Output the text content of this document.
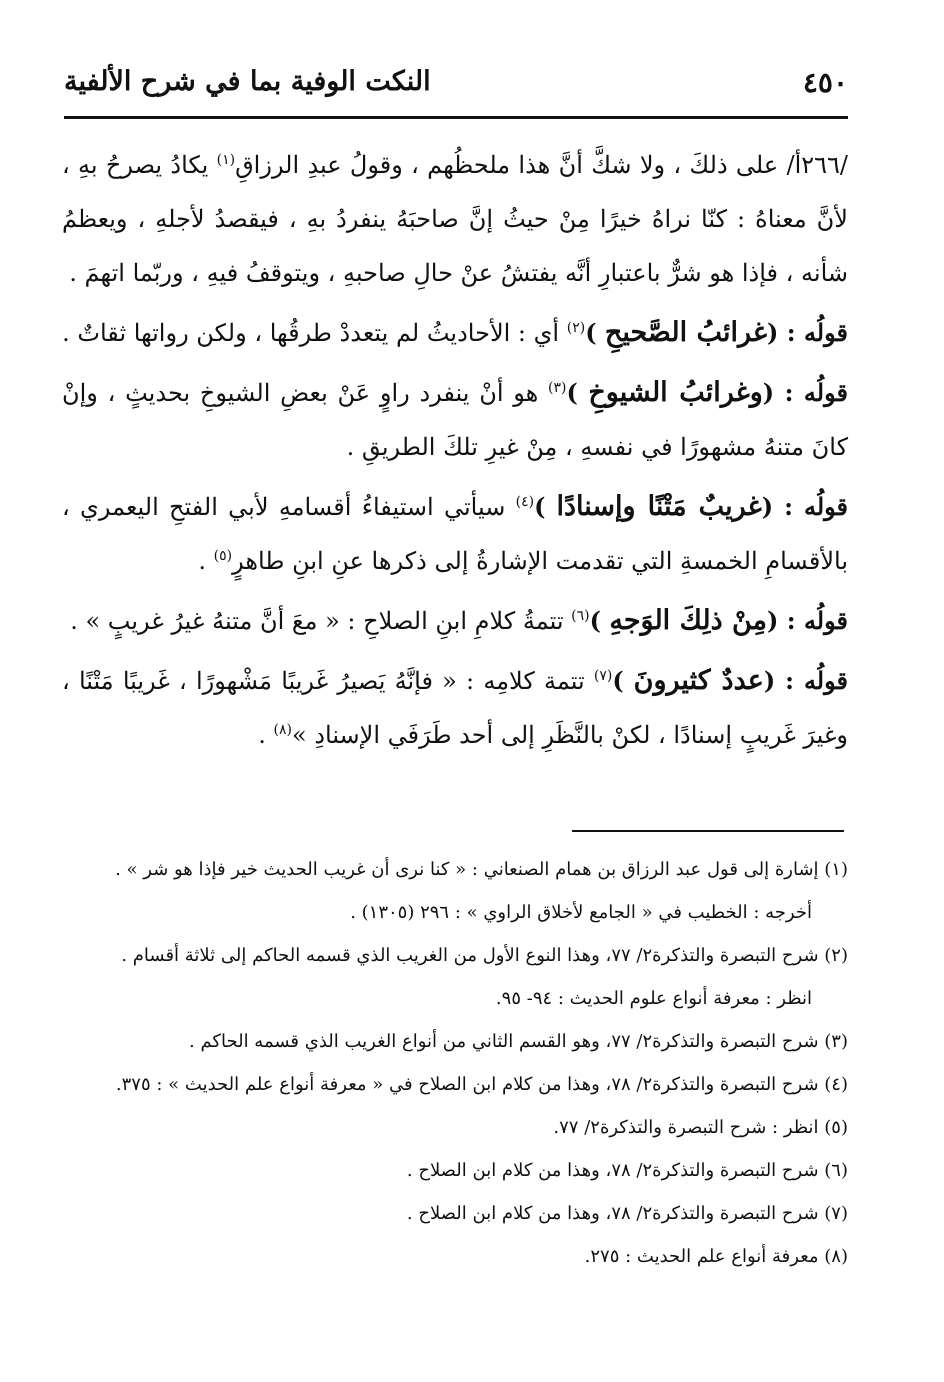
٤٥٠
النكت الوفية بما في شرح الألفية

/٢٦٦أ/ على ذلكَ ، ولا شكَّ أنَّ هذا ملحظُهم ، وقولُ عبدِ الرزاقِ$^{(١)}$ يكادُ يصرحُ بهِ ، لأنَّ معناهُ : كنّا نراهُ خيرًا مِنْ حيثُ إنَّ صاحبَهُ ينفردُ بهِ ، فيقصدُ لأجلهِ ، ويعظمُ شأنه ، فإذا هو شرٌّ باعتبارِ أنَّه يفتشُ عنْ حالِ صاحبهِ ، ويتوقفُ فيهِ ، وربّما اتهمَ .

قولُه : (غرائبُ الصَّحيحِ )$^{(٢)}$ أي : الأحاديثُ لم يتعددْ طرقُها ، ولكن رواتها ثقاتٌ .

قولُه : (وغرائبُ الشيوخِ )$^{(٣)}$ هو أنْ ينفرد راوٍ عَنْ بعضِ الشيوخِ بحديثٍ ، وإنْ كانَ متنهُ مشهورًا في نفسهِ ، مِنْ غيرِ تلكَ الطريقِ .

قولُه : (غريبٌ مَتْنًا وإسنادًا )$^{(٤)}$ سيأتي استيفاءُ أقسامهِ لأبي الفتحِ اليعمري ، بالأقسامِ الخمسةِ التي تقدمت الإشارةُ إلى ذكرها عنِ ابنِ طاهرٍ$^{(٥)}$ .

قولُه : (مِنْ ذلِكَ الوَجهِ )$^{(٦)}$ تتمةُ كلامِ ابنِ الصلاحِ : « معَ أنَّ متنهُ غيرُ غريبٍ » .

قولُه : (عددٌ كثيرونَ )$^{(٧)}$ تتمة كلامِه : « فإنَّهُ يَصيرُ غَريبًا مَشْهورًا ، غَريبًا مَتْنًا ، وغيرَ غَريبٍ إسنادًا ، لكنْ بالنَّظَرِ إلى أحد طَرَفَي الإسنادِ »$^{(٨)}$ .

(١) إشارة إلى قول عبد الرزاق بن همام الصنعاني : « كنا نرى أن غريب الحديث خير فإذا هو شر » .

أخرجه : الخطيب في « الجامع لأخلاق الراوي » : ٢٩٦ (١٣٠٥) .

(٢) شرح التبصرة والتذكرة٢/ ٧٧، وهذا النوع الأول من الغريب الذي قسمه الحاكم إلى ثلاثة أقسام .

انظر : معرفة أنواع علوم الحديث : ٩٤- ٩٥.

(٣) شرح التبصرة والتذكرة٢/ ٧٧، وهو القسم الثاني من أنواع الغريب الذي قسمه الحاكم .

(٤) شرح التبصرة والتذكرة٢/ ٧٨، وهذا من كلام ابن الصلاح في « معرفة أنواع علم الحديث » : ٣٧٥.

(٥) انظر : شرح التبصرة والتذكرة٢/ ٧٧.

(٦) شرح التبصرة والتذكرة٢/ ٧٨، وهذا من كلام ابن الصلاح .

(٧) شرح التبصرة والتذكرة٢/ ٧٨، وهذا من كلام ابن الصلاح .

(٨) معرفة أنواع علم الحديث : ٢٧٥.
